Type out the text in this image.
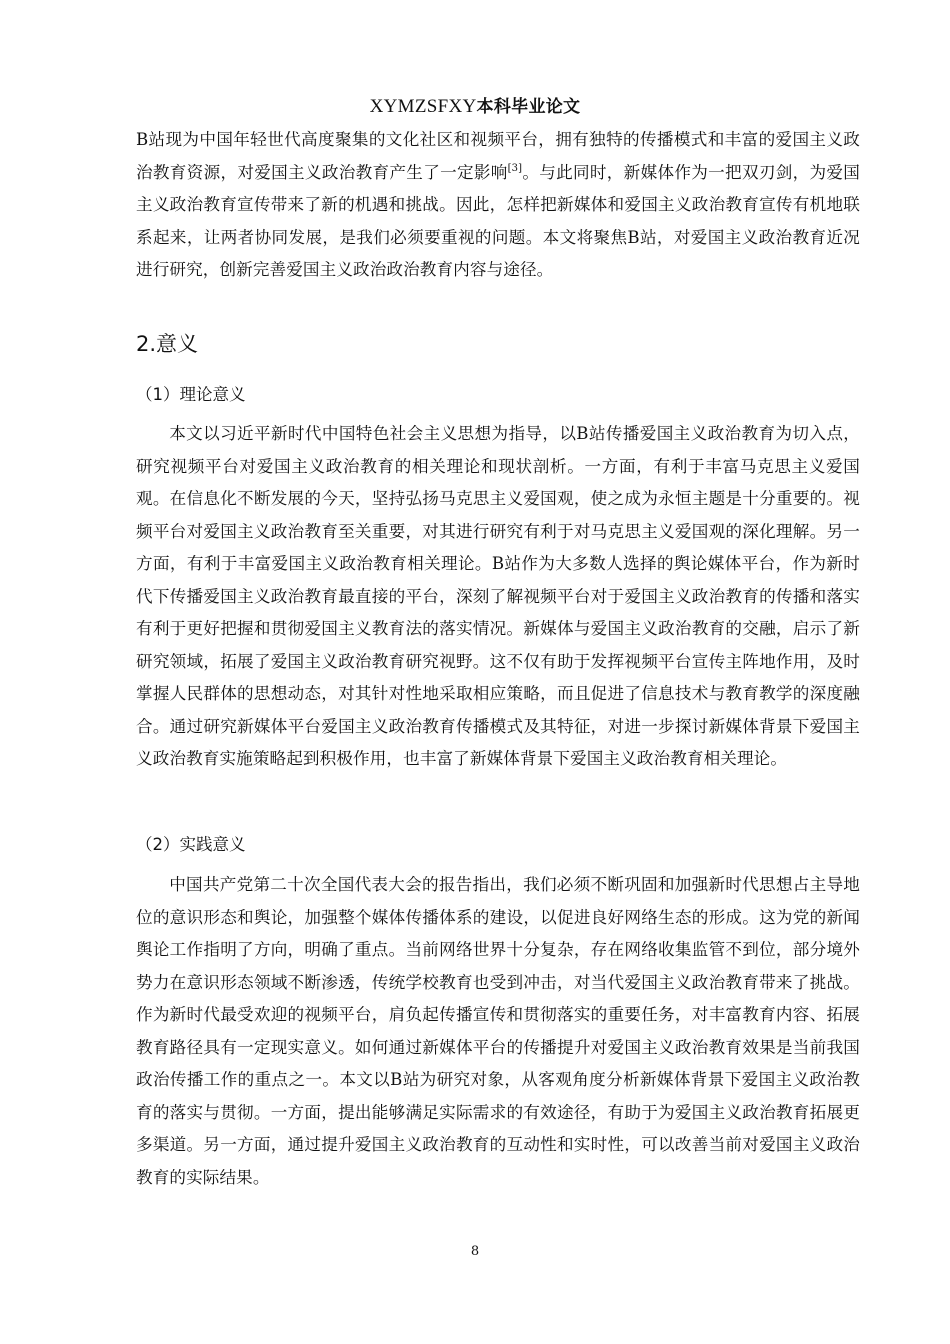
XYMZSFXY本科毕业论文
B站现为中国年轻世代高度聚集的文化社区和视频平台，拥有独特的传播模式和丰富的爱国主义政治教育资源，对爱国主义政治教育产生了一定影响[3]。与此同时，新媒体作为一把双刃剑，为爱国主义政治教育宣传带来了新的机遇和挑战。因此，怎样把新媒体和爱国主义政治教育宣传有机地联系起来，让两者协同发展，是我们必须要重视的问题。本文将聚焦B站，对爱国主义政治教育近况进行研究，创新完善爱国主义政治政治教育内容与途径。
2.意义
（1）理论意义
本文以习近平新时代中国特色社会主义思想为指导，以B站传播爱国主义政治教育为切入点，研究视频平台对爱国主义政治教育的相关理论和现状剖析。一方面，有利于丰富马克思主义爱国观。在信息化不断发展的今天，坚持弘扬马克思主义爱国观，使之成为永恒主题是十分重要的。视频平台对爱国主义政治教育至关重要，对其进行研究有利于对马克思主义爱国观的深化理解。另一方面，有利于丰富爱国主义政治教育相关理论。B站作为大多数人选择的舆论媒体平台，作为新时代下传播爱国主义政治教育最直接的平台，深刻了解视频平台对于爱国主义政治教育的传播和落实有利于更好把握和贯彻爱国主义教育法的落实情况。新媒体与爱国主义政治教育的交融，启示了新研究领域，拓展了爱国主义政治教育研究视野。这不仅有助于发挥视频平台宣传主阵地作用，及时掌握人民群体的思想动态，对其针对性地采取相应策略，而且促进了信息技术与教育教学的深度融合。通过研究新媒体平台爱国主义政治教育传播模式及其特征，对进一步探讨新媒体背景下爱国主义政治教育实施策略起到积极作用，也丰富了新媒体背景下爱国主义政治教育相关理论。
（2）实践意义
中国共产党第二十次全国代表大会的报告指出，我们必须不断巩固和加强新时代思想占主导地位的意识形态和舆论，加强整个媒体传播体系的建设，以促进良好网络生态的形成。这为党的新闻舆论工作指明了方向，明确了重点。当前网络世界十分复杂，存在网络收集监管不到位，部分境外势力在意识形态领域不断渗透，传统学校教育也受到冲击，对当代爱国主义政治教育带来了挑战。作为新时代最受欢迎的视频平台，肩负起传播宣传和贯彻落实的重要任务，对丰富教育内容、拓展教育路径具有一定现实意义。如何通过新媒体平台的传播提升对爱国主义政治教育效果是当前我国政治传播工作的重点之一。本文以B站为研究对象，从客观角度分析新媒体背景下爱国主义政治教育的落实与贯彻。一方面，提出能够满足实际需求的有效途径，有助于为爱国主义政治教育拓展更多渠道。另一方面，通过提升爱国主义政治教育的互动性和实时性，可以改善当前对爱国主义政治教育的实际结果。
8
